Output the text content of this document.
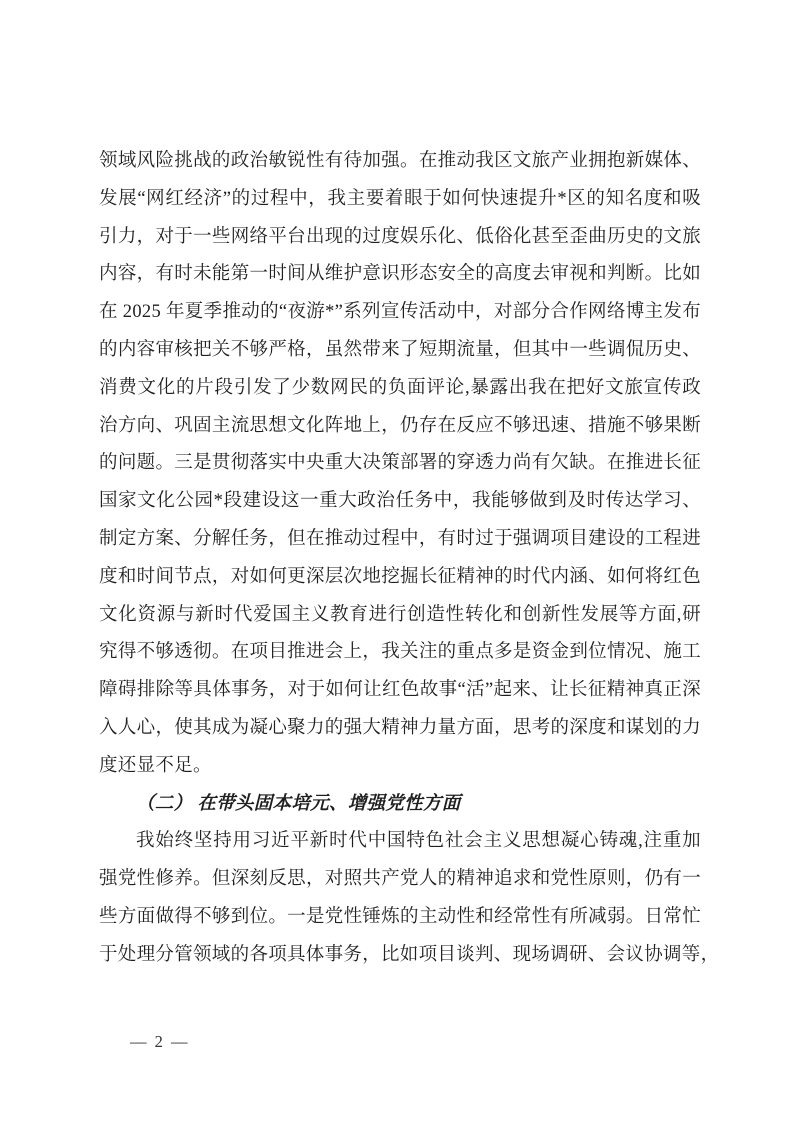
领域风险挑战的政治敏锐性有待加强。在推动我区文旅产业拥抱新媒体、
发展“网红经济”的过程中，我主要着眼于如何快速提升*区的知名度和吸
引力，对于一些网络平台出现的过度娱乐化、低俗化甚至歪曲历史的文旅
内容，有时未能第一时间从维护意识形态安全的高度去审视和判断。比如
在 2025 年夏季推动的“夜游*”系列宣传活动中，对部分合作网络博主发布
的内容审核把关不够严格，虽然带来了短期流量，但其中一些调侃历史、
消费文化的片段引发了少数网民的负面评论,暴露出我在把好文旅宣传政
治方向、巩固主流思想文化阵地上，仍存在反应不够迅速、措施不够果断
的问题。三是贯彻落实中央重大决策部署的穿透力尚有欠缺。在推进长征
国家文化公园*段建设这一重大政治任务中，我能够做到及时传达学习、
制定方案、分解任务，但在推动过程中，有时过于强调项目建设的工程进
度和时间节点，对如何更深层次地挖掘长征精神的时代内涵、如何将红色
文化资源与新时代爱国主义教育进行创造性转化和创新性发展等方面,研
究得不够透彻。在项目推进会上，我关注的重点多是资金到位情况、施工
障碍排除等具体事务，对于如何让红色故事“活”起来、让长征精神真正深
入人心，使其成为凝心聚力的强大精神力量方面，思考的深度和谋划的力
度还显不足。
（二） 在带头固本培元、增强党性方面
我始终坚持用习近平新时代中国特色社会主义思想凝心铸魂,注重加
强党性修养。但深刻反思，对照共产党人的精神追求和党性原则，仍有一
些方面做得不够到位。一是党性锤炼的主动性和经常性有所减弱。日常忙
于处理分管领域的各项具体事务，比如项目谈判、现场调研、会议协调等，
— 2 —
